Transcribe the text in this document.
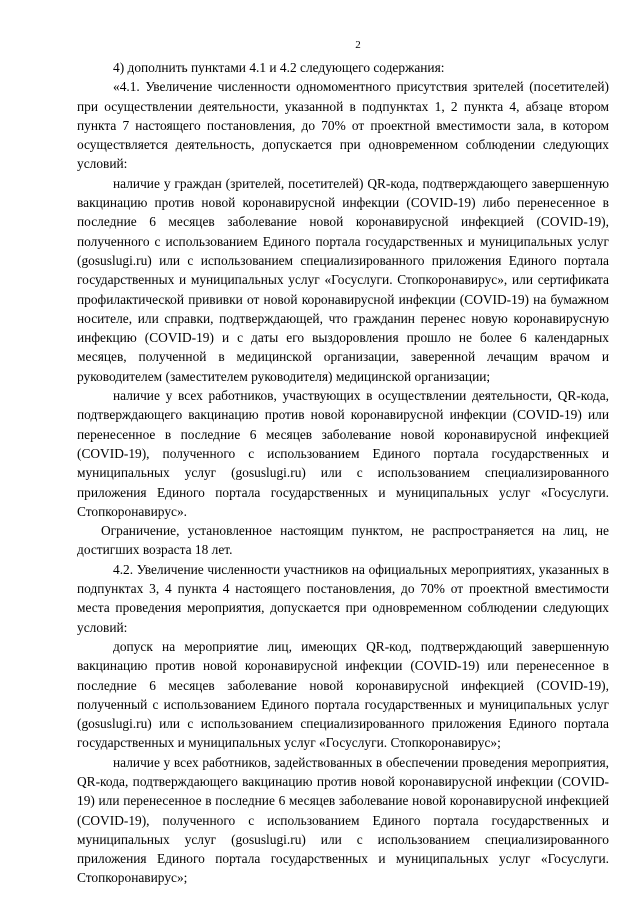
2

4) дополнить пунктами 4.1 и 4.2 следующего содержания:

«4.1. Увеличение численности одномоментного присутствия зрителей (посетителей) при осуществлении деятельности, указанной в подпунктах 1, 2 пункта 4, абзаце втором пункта 7 настоящего постановления, до 70% от проектной вместимости зала, в котором осуществляется деятельность, допускается при одновременном соблюдении следующих условий:

наличие у граждан (зрителей, посетителей) QR-кода, подтверждающего завершенную вакцинацию против новой коронавирусной инфекции (COVID-19) либо перенесенное в последние 6 месяцев заболевание новой коронавирусной инфекцией (COVID-19), полученного с использованием Единого портала государственных и муниципальных услуг (gosuslugi.ru) или с использованием специализированного приложения Единого портала государственных и муниципальных услуг «Госуслуги. Стопкоронавирус», или сертификата профилактической прививки от новой коронавирусной инфекции (COVID-19) на бумажном носителе, или справки, подтверждающей, что гражданин перенес новую коронавирусную инфекцию (COVID-19) и с даты его выздоровления прошло не более 6 календарных месяцев, полученной в медицинской организации, заверенной лечащим врачом и руководителем (заместителем руководителя) медицинской организации;

наличие у всех работников, участвующих в осуществлении деятельности, QR-кода, подтверждающего вакцинацию против новой коронавирусной инфекции (COVID-19) или перенесенное в последние 6 месяцев заболевание новой коронавирусной инфекцией (COVID-19), полученного с использованием Единого портала государственных и муниципальных услуг (gosuslugi.ru) или с использованием специализированного приложения Единого портала государственных и муниципальных услуг «Госуслуги. Стопкоронавирус».

Ограничение, установленное настоящим пунктом, не распространяется на лиц, не достигших возраста 18 лет.

4.2. Увеличение численности участников на официальных мероприятиях, указанных в подпунктах 3, 4 пункта 4 настоящего постановления, до 70% от проектной вместимости места проведения мероприятия, допускается при одновременном соблюдении следующих условий:

допуск на мероприятие лиц, имеющих QR-код, подтверждающий завершенную вакцинацию против новой коронавирусной инфекции (COVID-19) или перенесенное в последние 6 месяцев заболевание новой коронавирусной инфекцией (COVID-19), полученный с использованием Единого портала государственных и муниципальных услуг (gosuslugi.ru) или с использованием специализированного приложения Единого портала государственных и муниципальных услуг «Госуслуги. Стопкоронавирус»;

наличие у всех работников, задействованных в обеспечении проведения мероприятия, QR-кода, подтверждающего вакцинацию против новой коронавирусной инфекции (COVID-19) или перенесенное в последние 6 месяцев заболевание новой коронавирусной инфекцией (COVID-19), полученного с использованием Единого портала государственных и муниципальных услуг (gosuslugi.ru) или с использованием специализированного приложения Единого портала государственных и муниципальных услуг «Госуслуги. Стопкоронавирус»;
